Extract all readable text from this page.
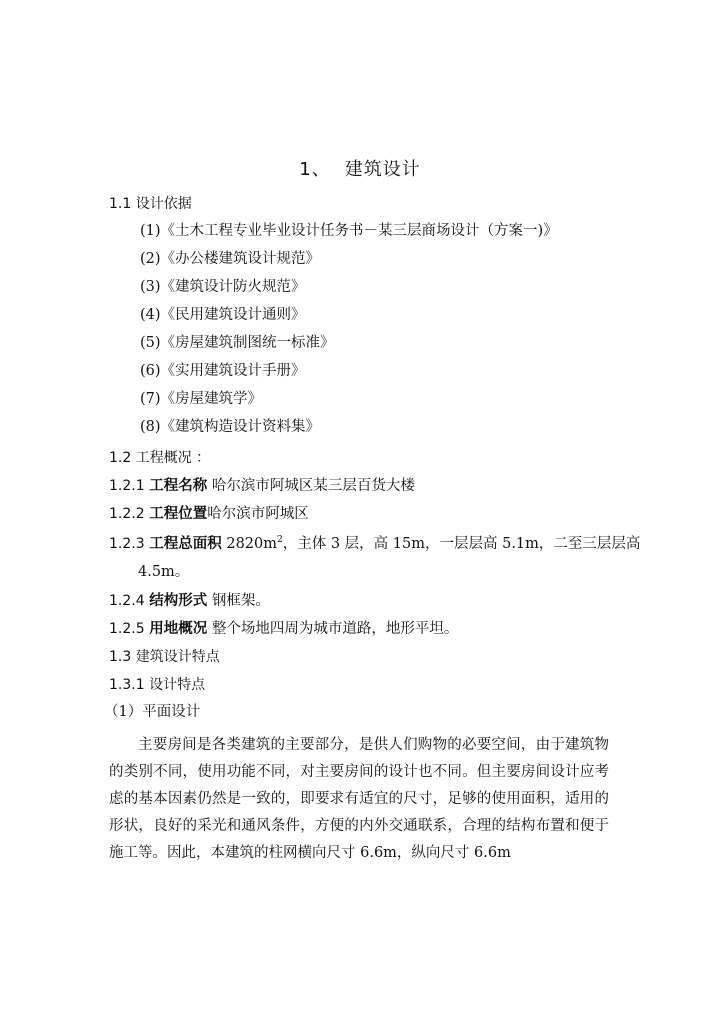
1、 建筑设计
1.1 设计依据
(1)《土木工程专业毕业设计任务书－某三层商场设计（方案一)》
(2)《办公楼建筑设计规范》
(3)《建筑设计防火规范》
(4)《民用建筑设计通则》
(5)《房屋建筑制图统一标准》
(6)《实用建筑设计手册》
(7)《房屋建筑学》
(8)《建筑构造设计资料集》
1.2 工程概况 ：
1.2.1 工程名称 哈尔滨市阿城区某三层百货大楼
1.2.2 工程位置哈尔滨市阿城区
1.2.3 工程总面积 $2820m^2$，主体 3 层，高 15m，一层层高 5.1m，二至三层层高
4.5m。
1.2.4 结构形式 钢框架。
1.2.5 用地概况 整个场地四周为城市道路，地形平坦。
1.3 建筑设计特点
1.3.1 设计特点
（1）平面设计
主要房间是各类建筑的主要部分，是供人们购物的必要空间，由于建筑物的类别不同，使用功能不同，对主要房间的设计也不同。但主要房间设计应考虑的基本因素仍然是一致的，即要求有适宜的尺寸，足够的使用面积，适用的形状，良好的采光和通风条件，方便的内外交通联系，合理的结构布置和便于施工等。因此，本建筑的柱网横向尺寸 6.6m，纵向尺寸 6.6m
